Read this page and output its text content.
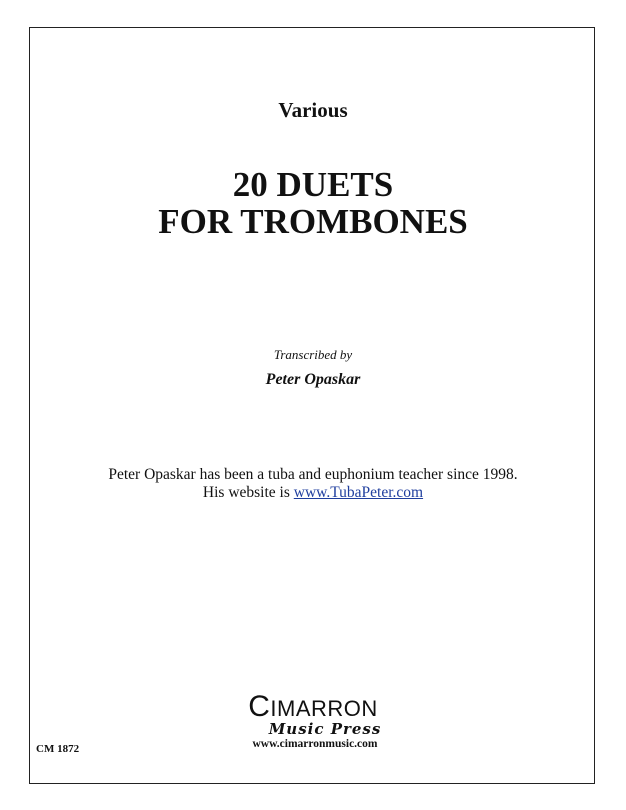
Various
20 DUETS
FOR TROMBONES
Transcribed by
Peter Opaskar
Peter Opaskar has been a tuba and euphonium teacher since 1998.
His website is www.TubaPeter.com
CIMARRON
Music Press
www.cimarronmusic.com
CM 1872
